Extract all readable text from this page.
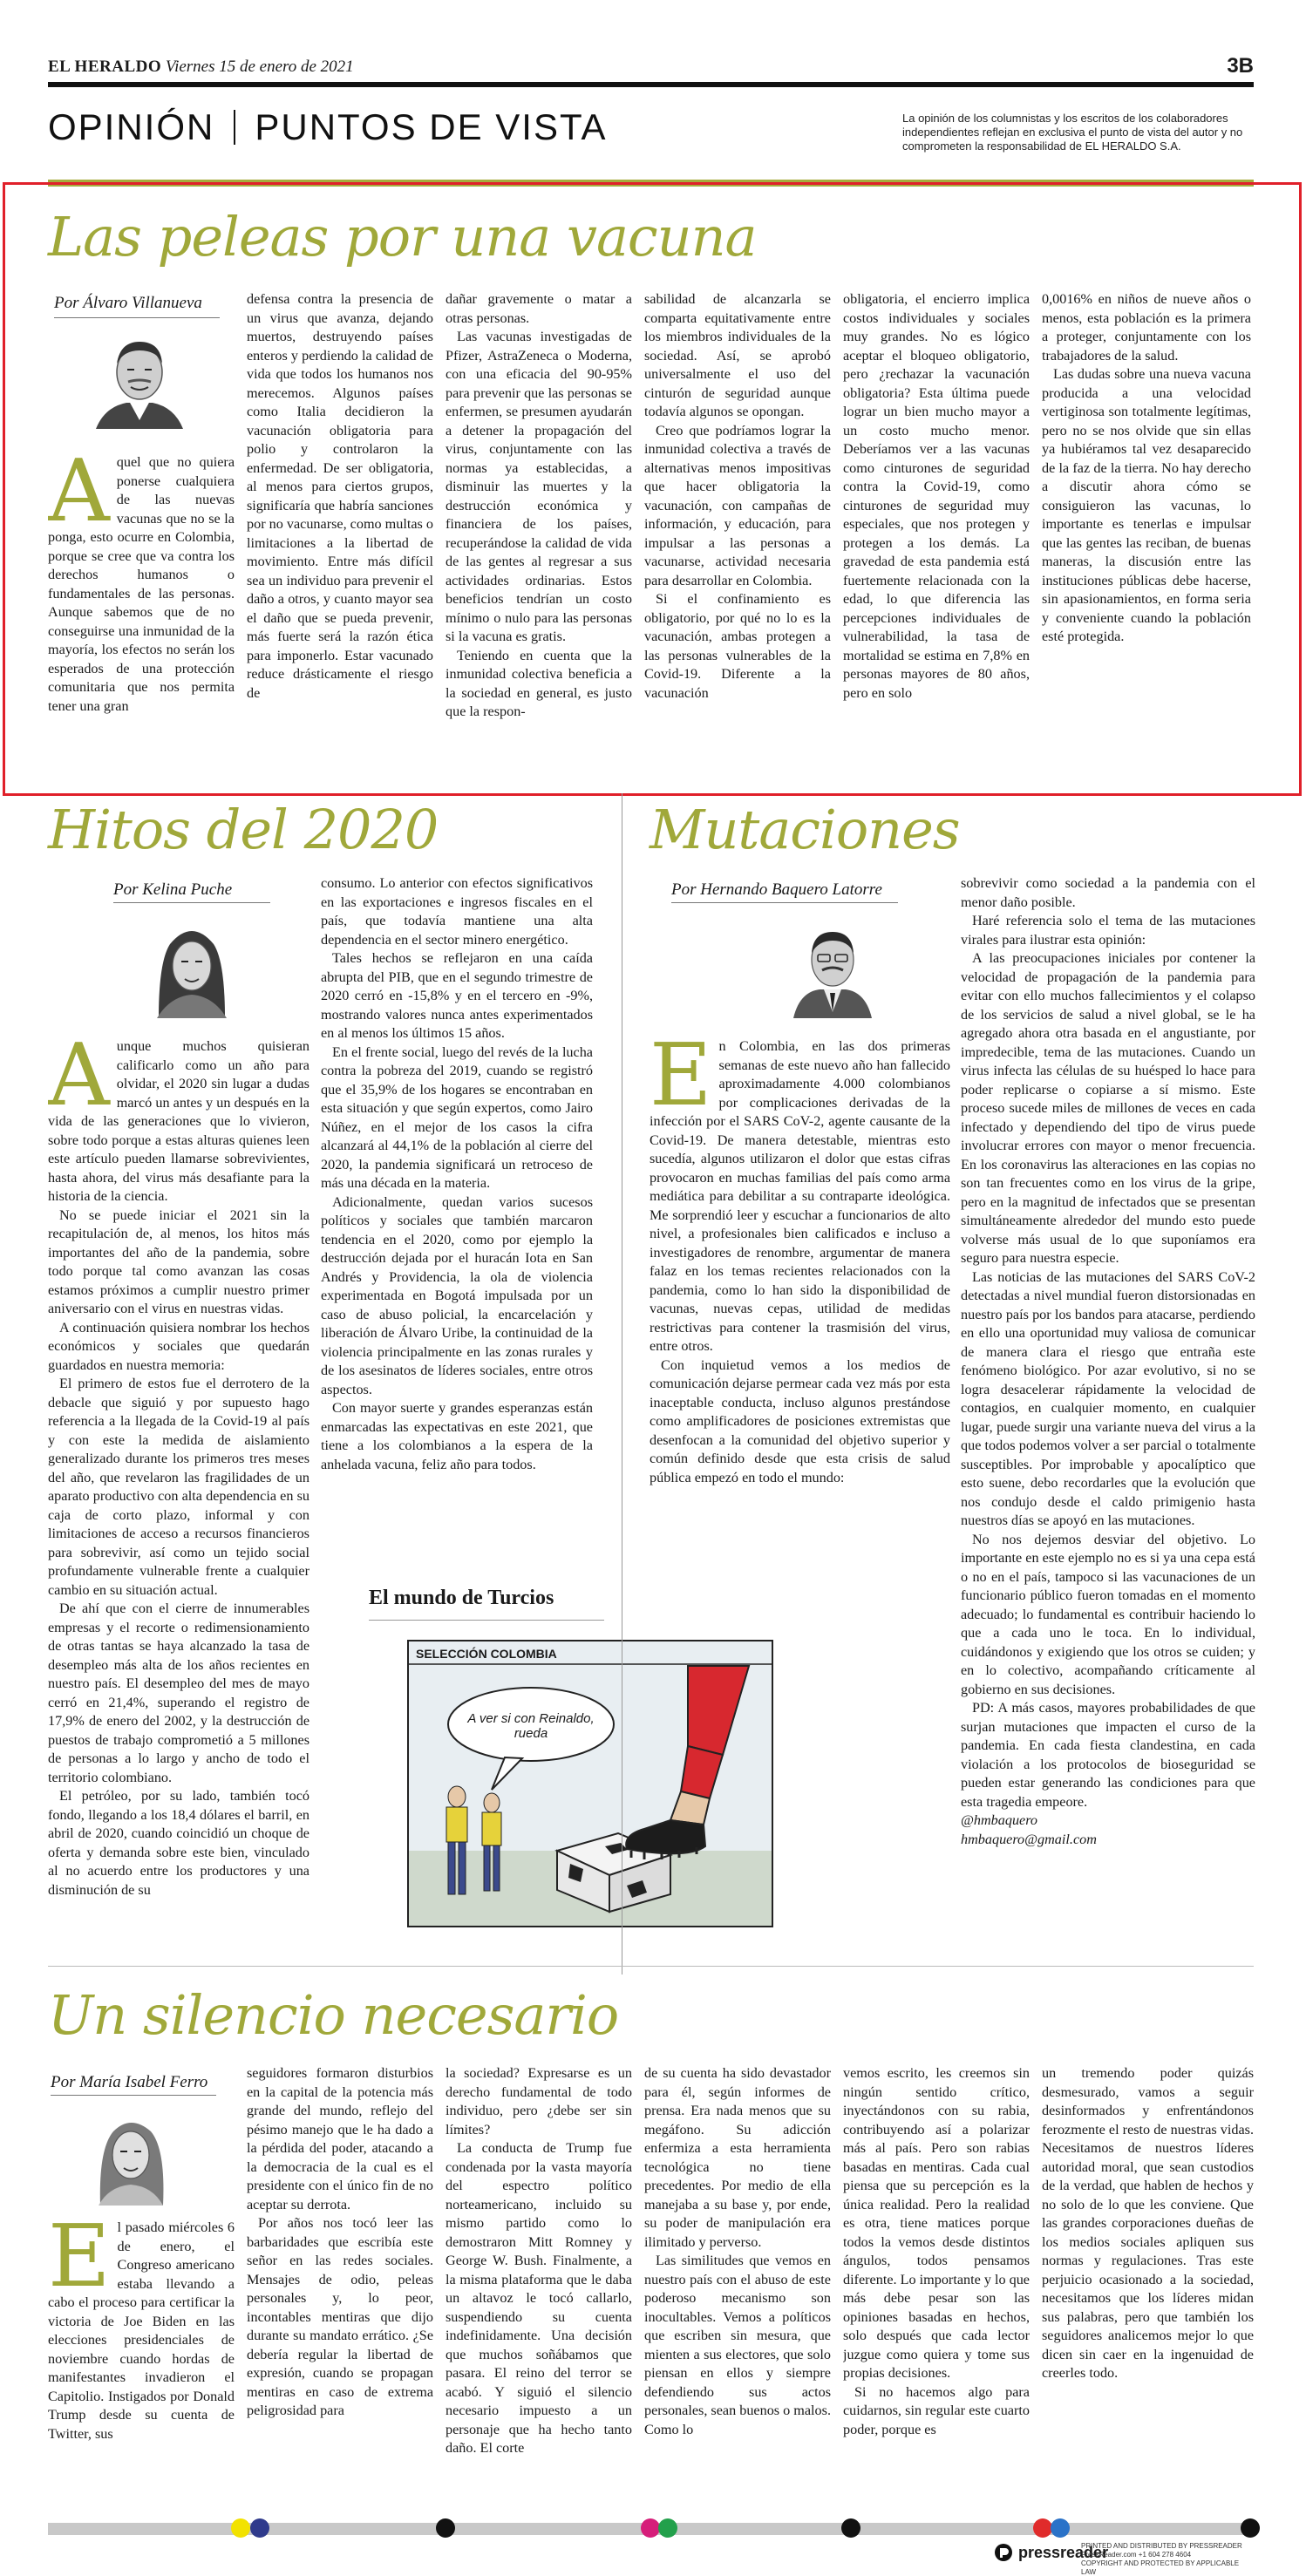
EL HERALDO Viernes 15 de enero de 2021	3B
OPINIÓN PUNTOS DE VISTA	La opinión de los columnistas y los escritos de los colaboradores independientes reflejan en exclusiva el punto de vista del autor y no comprometen la responsabilidad de EL HERALDO S.A.
Las peleas por una vacuna
Por Álvaro Villanueva
A quel que no quiera ponerse cualquiera de las nuevas vacunas que no se la ponga, esto ocurre en Colombia, porque se cree que va contra los derechos humanos o fundamentales de las personas. Aunque sabemos que de no conseguirse una inmunidad de la mayoría, los efectos no serán los esperados de una protección comunitaria que nos permita tener una gran

defensa contra la presencia de un virus que avanza, dejando muertos, destruyendo países enteros y perdiendo la calidad de vida que todos los humanos nos merecemos. Algunos países como Italia decidieron la vacunación obligatoria para polio y controlaron la enfermedad. De ser obligatoria, al menos para ciertos grupos, significaría que habría sanciones por no vacunarse, como multas o limitaciones a la libertad de movimiento. Entre más difícil sea un individuo para prevenir el daño a otros, y cuanto mayor sea el daño que se pueda prevenir, más fuerte será la razón ética para imponerlo. Estar vacunado reduce drásticamente el riesgo de

dañar gravemente o matar a otras personas.

Las vacunas investigadas de Pfizer, AstraZeneca o Moderna, con una eficacia del 90-95% para prevenir que las personas se enfermen, se presumen ayudarán a detener la propagación del virus, conjuntamente con las normas ya establecidas, a disminuir las muertes y la destrucción económica y financiera de los países, recuperándose la calidad de vida de las gentes al regresar a sus actividades ordinarias. Estos beneficios tendrían un costo mínimo o nulo para las personas si la vacuna es gratis.

Teniendo en cuenta que la inmunidad colectiva beneficia a la sociedad en general, es justo que la respon-

sabilidad de alcanzarla se comparta equitativamente entre los miembros individuales de la sociedad. Así, se aprobó universalmente el uso del cinturón de seguridad aunque todavía algunos se opongan.

Creo que podríamos lograr la inmunidad colectiva a través de alternativas menos impositivas que hacer obligatoria la vacunación, con campañas de información, y educación, para impulsar a las personas a vacunarse, actividad necesaria para desarrollar en Colombia.

Si el confinamiento es obligatorio, por qué no lo es la vacunación, ambas protegen a las personas vulnerables de la Covid-19. Diferente a la vacunación

obligatoria, el encierro implica costos individuales y sociales muy grandes. No es lógico aceptar el bloqueo obligatorio, pero ¿rechazar la vacunación obligatoria? Esta última puede lograr un bien mucho mayor a un costo mucho menor. Deberíamos ver a las vacunas como cinturones de seguridad contra la Covid-19, como cinturones de seguridad muy especiales, que nos protegen y protegen a los demás. La gravedad de esta pandemia está fuertemente relacionada con la edad, lo que diferencia las percepciones individuales de vulnerabilidad, la tasa de mortalidad se estima en 7,8% en personas mayores de 80 años, pero en solo

0,0016% en niños de nueve años o menos, esta población es la primera a proteger, conjuntamente con los trabajadores de la salud.

Las dudas sobre una nueva vacuna producida a una velocidad vertiginosa son totalmente legítimas, pero no se nos olvide que sin ellas ya hubiéramos tal vez desaparecido de la faz de la tierra. No hay derecho a discutir ahora cómo se consiguieron las vacunas, lo importante es tenerlas e impulsar que las gentes las reciban, de buenas maneras, la discusión entre las instituciones públicas debe hacerse, sin apasionamientos, en forma seria y conveniente cuando la población esté protegida.

Hitos del 2020
Por Kelina Puche
A unque muchos quisieran calificarlo como un año para olvidar, el 2020 sin lugar a dudas marcó un antes y un después en la vida de las generaciones que lo vivieron, sobre todo porque a estas alturas quienes leen este artículo pueden llamarse sobrevivientes, hasta ahora, del virus más desafiante para la historia de la ciencia.

No se puede iniciar el 2021 sin la recapitulación de, al menos, los hitos más importantes del año de la pandemia, sobre todo porque tal como avanzan las cosas estamos próximos a cumplir nuestro primer aniversario con el virus en nuestras vidas.

A continuación quisiera nombrar los hechos económicos y sociales que quedarán guardados en nuestra memoria:

El primero de estos fue el derrotero de la debacle que siguió y por supuesto hago referencia a la llegada de la Covid-19 al país y con este la medida de aislamiento generalizado durante los primeros tres meses del año, que revelaron las fragilidades de un aparato productivo con alta dependencia en su caja de corto plazo, informal y con limitaciones de acceso a recursos financieros para sobrevivir, así como un tejido social profundamente vulnerable frente a cualquier cambio en su situación actual.

De ahí que con el cierre de innumerables empresas y el recorte o redimensionamiento de otras tantas se haya alcanzado la tasa de desempleo más alta de los años recientes en nuestro país. El desempleo del mes de mayo cerró en 21,4%, superando el registro de 17,9% de enero del 2002, y la destrucción de puestos de trabajo comprometió a 5 millones de personas a lo largo y ancho de todo el territorio colombiano.

El petróleo, por su lado, también tocó fondo, llegando a los 18,4 dólares el barril, en abril de 2020, cuando coincidió un choque de oferta y demanda sobre este bien, vinculado al no acuerdo entre los productores y una disminución de su

consumo. Lo anterior con efectos significativos en las exportaciones e ingresos fiscales en el país, que todavía mantiene una alta dependencia en el sector minero energético.

Tales hechos se reflejaron en una caída abrupta del PIB, que en el segundo trimestre de 2020 cerró en -15,8% y en el tercero en -9%, mostrando valores nunca antes experimentados en al menos los últimos 15 años.

En el frente social, luego del revés de la lucha contra la pobreza del 2019, cuando se registró que el 35,9% de los hogares se encontraban en esta situación y que según expertos, como Jairo Núñez, en el mejor de los casos la cifra alcanzará al 44,1% de la población al cierre del 2020, la pandemia significará un retroceso de más una década en la materia.

Adicionalmente, quedan varios sucesos políticos y sociales que también marcaron tendencia en el 2020, como por ejemplo la destrucción dejada por el huracán Iota en San Andrés y Providencia, la ola de violencia experimentada en Bogotá impulsada por un caso de abuso policial, la encarcelación y liberación de Álvaro Uribe, la continuidad de la violencia principalmente en las zonas rurales y de los asesinatos de líderes sociales, entre otros aspectos.

Con mayor suerte y grandes esperanzas están enmarcadas las expectativas en este 2021, que tiene a los colombianos a la espera de la anhelada vacuna, feliz año para todos.

El mundo de Turcios
SELECCIÓN COLOMBIA
A ver si con Reinaldo, rueda
Mutaciones
Por Hernando Baquero Latorre
E n Colombia, en las dos primeras semanas de este nuevo año han fallecido aproximadamente 4.000 colombianos por complicaciones derivadas de la infección por el SARS CoV-2, agente causante de la Covid-19. De manera detestable, mientras esto sucedía, algunos utilizaron el dolor que estas cifras provocaron en muchas familias del país como arma mediática para debilitar a su contraparte ideológica. Me sorprendió leer y escuchar a funcionarios de alto nivel, a profesionales bien calificados e incluso a investigadores de renombre, argumentar de manera falaz en los temas recientes relacionados con la pandemia, como lo han sido la disponibilidad de vacunas, nuevas cepas, utilidad de medidas restrictivas para contener la trasmisión del virus, entre otros.

Con inquietud vemos a los medios de comunicación dejarse permear cada vez más por esta inaceptable conducta, incluso algunos prestándose como amplificadores de posiciones extremistas que desenfocan a la comunidad del objetivo superior y común definido desde que esta crisis de salud pública empezó en todo el mundo:

sobrevivir como sociedad a la pandemia con el menor daño posible.

Haré referencia solo el tema de las mutaciones virales para ilustrar esta opinión:

A las preocupaciones iniciales por contener la velocidad de propagación de la pandemia para evitar con ello muchos fallecimientos y el colapso de los servicios de salud a nivel global, se le ha agregado ahora otra basada en el angustiante, por impredecible, tema de las mutaciones. Cuando un virus infecta las células de su huésped lo hace para poder replicarse o copiarse a sí mismo. Este proceso sucede miles de millones de veces en cada infectado y dependiendo del tipo de virus puede involucrar errores con mayor o menor frecuencia. En los coronavirus las alteraciones en las copias no son tan frecuentes como en los virus de la gripe, pero en la magnitud de infectados que se presentan simultáneamente alrededor del mundo esto puede volverse más usual de lo que suponíamos era seguro para nuestra especie.

Las noticias de las mutaciones del SARS CoV-2 detectadas a nivel mundial fueron distorsionadas en nuestro país por los bandos para atacarse, perdiendo en ello una oportunidad muy valiosa de comunicar de manera clara el riesgo que entraña este fenómeno biológico. Por azar evolutivo, si no se logra desacelerar rápidamente la velocidad de contagios, en cualquier momento, en cualquier lugar, puede surgir una variante nueva del virus a la que todos podemos volver a ser parcial o totalmente susceptibles. Por improbable y apocalíptico que esto suene, debo recordarles que la evolución que nos condujo desde el caldo primigenio hasta nuestros días se apoyó en las mutaciones.

No nos dejemos desviar del objetivo. Lo importante en este ejemplo no es si ya una cepa está o no en el país, tampoco si las vacunaciones de un funcionario público fueron tomadas en el momento adecuado; lo fundamental es contribuir haciendo lo que a cada uno le toca. En lo individual, cuidándonos y exigiendo que los otros se cuiden; y en lo colectivo, acompañando críticamente al gobierno en sus decisiones.

PD: A más casos, mayores probabilidades de que surjan mutaciones que impacten el curso de la pandemia. En cada fiesta clandestina, en cada violación a los protocolos de bioseguridad se pueden estar generando las condiciones para que esta tragedia empeore.

@hmbaquero

hmbaquero@gmail.com

Un silencio necesario
Por María Isabel Ferro
E l pasado miércoles 6 de enero, el Congreso americano estaba llevando a cabo el proceso para certificar la victoria de Joe Biden en las elecciones presidenciales de noviembre cuando hordas de manifestantes invadieron el Capitolio. Instigados por Donald Trump desde su cuenta de Twitter, sus

seguidores formaron disturbios en la capital de la potencia más grande del mundo, reflejo del pésimo manejo que le ha dado a la pérdida del poder, atacando a la democracia de la cual es el presidente con el único fin de no aceptar su derrota.

Por años nos tocó leer las barbaridades que escribía este señor en las redes sociales. Mensajes de odio, peleas personales y, lo peor, incontables mentiras que dijo durante su mandato errático. ¿Se debería regular la libertad de expresión, cuando se propagan mentiras en caso de extrema peligrosidad para

la sociedad? Expresarse es un derecho fundamental de todo individuo, pero ¿debe ser sin límites?

La conducta de Trump fue condenada por la vasta mayoría del espectro político norteamericano, incluido su mismo partido como lo demostraron Mitt Romney y George W. Bush. Finalmente, a la misma plataforma que le daba un altavoz le tocó callarlo, suspendiendo su cuenta indefinidamente. Una decisión que muchos soñábamos que pasara. El reino del terror se acabó. Y siguió el silencio necesario impuesto a un personaje que ha hecho tanto daño. El corte

de su cuenta ha sido devastador para él, según informes de prensa. Era nada menos que su megáfono. Su adicción enfermiza a esta herramienta tecnológica no tiene precedentes. Por medio de ella manejaba a su base y, por ende, su poder de manipulación era ilimitado y perverso.

Las similitudes que vemos en nuestro país con el abuso de este poderoso mecanismo son inocultables. Vemos a políticos que escriben sin mesura, que mienten a sus electores, que solo piensan en ellos y siempre defendiendo sus actos personales, sean buenos o malos. Como lo

vemos escrito, les creemos sin ningún sentido crítico, inyectándonos con su rabia, contribuyendo así a polarizar más al país. Pero son rabias basadas en mentiras. Cada cual piensa que su percepción es la única realidad. Pero la realidad es otra, tiene matices porque todos la vemos desde distintos ángulos, todos pensamos diferente. Lo importante y lo que más debe pesar son las opiniones basadas en hechos, solo después que cada lector juzgue como quiera y tome sus propias decisiones.

Si no hacemos algo para cuidarnos, sin regular este cuarto poder, porque es

un tremendo poder quizás desmesurado, vamos a seguir desinformados y enfrentándonos ferozmente el resto de nuestras vidas. Necesitamos de nuestros líderes autoridad moral, que sean custodios de la verdad, que hablen de hechos y no solo de lo que les conviene. Que las grandes corporaciones dueñas de los medios sociales apliquen sus normas y regulaciones. Tras este perjuicio ocasionado a la sociedad, necesitamos que los líderes midan sus palabras, pero que también los seguidores analicemos mejor lo que dicen sin caer en la ingenuidad de creerles todo.

pressreader
PRINTED AND DISTRIBUTED BY PRESSREADER
PressReader.com +1 604 278 4604
COPYRIGHT AND PROTECTED BY APPLICABLE LAW
